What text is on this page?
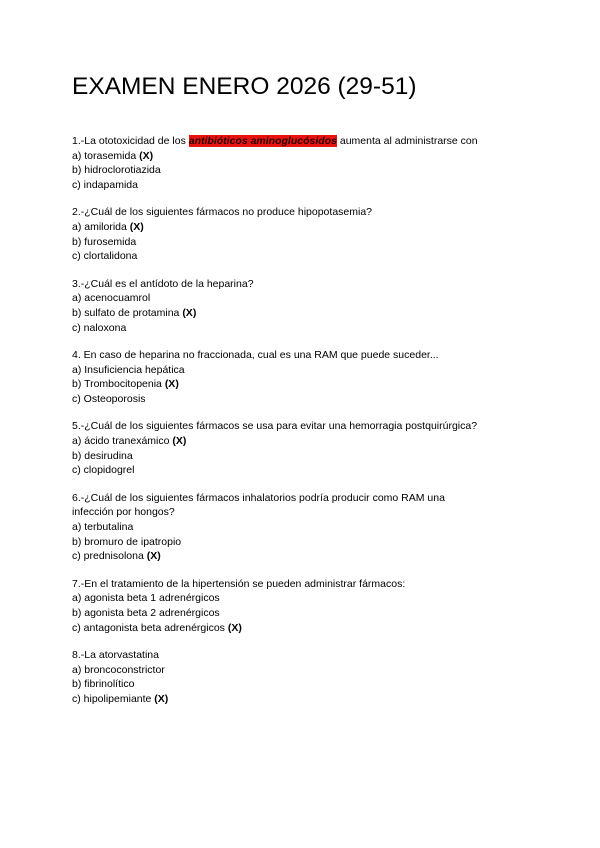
EXAMEN ENERO 2026 (29-51)
1.-La ototoxicidad de los antibióticos aminoglucósidos aumenta al administrarse con
a) torasemida (X)
b) hidroclorotiazida
c) indapamida
2.-¿Cuál de los siguientes fármacos no produce hipopotasemia?
a) amilorida (X)
b) furosemida
c) clortalidona
3.-¿Cuál es el antídoto de la heparina?
a) acenocuamrol
b) sulfato de protamina (X)
c) naloxona
4. En caso de heparina no fraccionada, cual es una RAM que puede suceder...
a) Insuficiencia hepática
b) Trombocitopenia (X)
c) Osteoporosis
5.-¿Cuál de los siguientes fármacos se usa para evitar una hemorragia postquirúrgica?
a) ácido tranexámico (X)
b) desirudina
c) clopidogrel
6.-¿Cuál de los siguientes fármacos inhalatorios podría producir como RAM una infección por hongos?
a) terbutalina
b) bromuro de ipatropio
c) prednisolona (X)
7.-En el tratamiento de la hipertensión se pueden administrar fármacos:
a) agonista beta 1 adrenérgicos
b) agonista beta 2 adrenérgicos
c) antagonista beta adrenérgicos (X)
8.-La atorvastatina
a) broncoconstrictor
b) fibrinolítico
c) hipolipemiante (X)
